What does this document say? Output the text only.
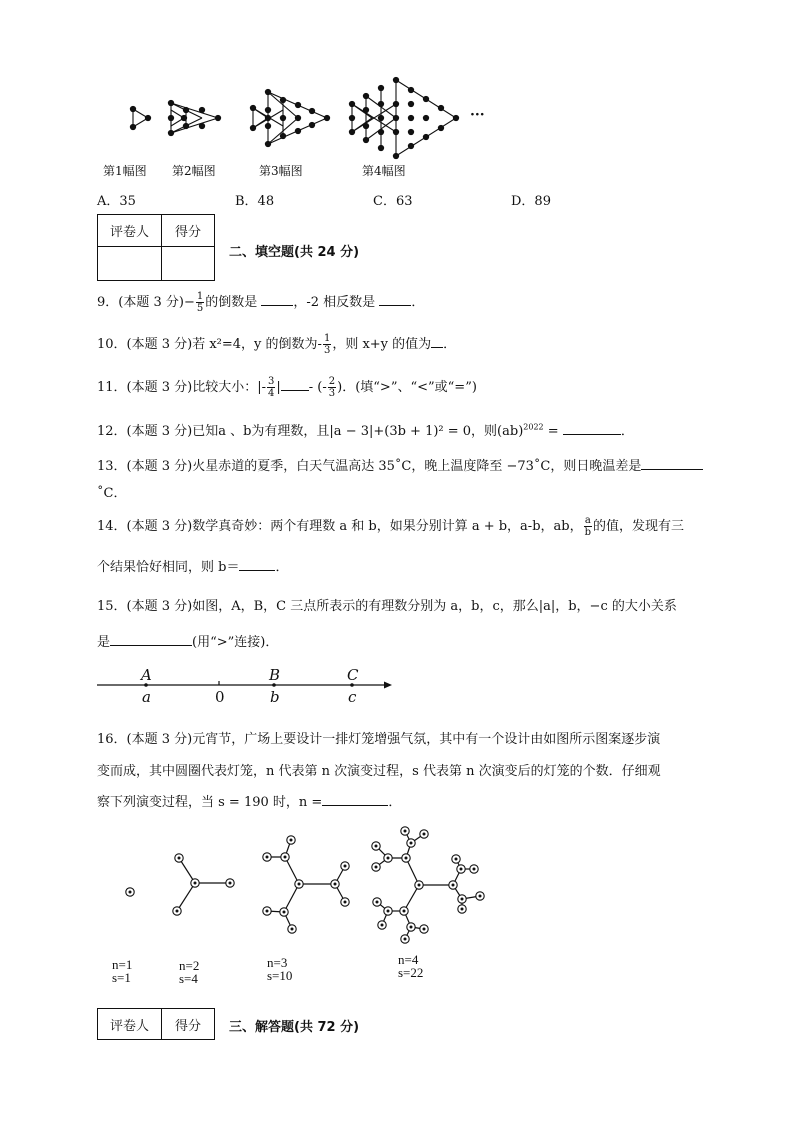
···
第1幅图 第2幅图	第3幅图	第4幅图
A．35	B．48	C．63	D．89
评卷人	得分

二、填空题(共 24 分)
9．(本题 3 分)− $\frac{1}{5}$ 的倒数是	，-2 相反数是	．
10．(本题 3 分)若 x²=4，y 的倒数为- $\frac{1}{3}$ ，则 x+y 的值为 ．
11．(本题 3 分)比较大小：|- $\frac{3}{4}$ | - (- $\frac{2}{3}$ )．(填“>”、“<”或“=”)
12．(本题 3 分)已知a 、b为有理数，且|a − 3|+(3b + 1)² = 0，则(ab)$^{2022}$ =	．
13．(本题 3 分)火星赤道的夏季，白天气温高达 35˚C，晚上温度降至 −73˚C，则日晚温差是
˚C．
14．(本题 3 分)数学真奇妙：两个有理数 a 和 b，如果分别计算 a + b，a-b，ab， $\frac{a}{b}$ 的值，发现有三
个结果恰好相同，则 b＝	．
15．(本题 3 分)如图，A，B，C 三点所表示的有理数分别为 a，b，c，那么|a|，b，−c 的大小关系
是	(用“>”连接)．
A	B	C
a	0	b	c
16．(本题 3 分)元宵节，广场上要设计一排灯笼增强气氛，其中有一个设计由如图所示图案逐步演
变而成，其中圆圈代表灯笼，n 代表第 n 次演变过程，s 代表第 n 次演变后的灯笼的个数．仔细观
察下列演变过程，当 s = 190 时，n =	．
n=1
s=1
n=2
s=4
n=3
s=10
n=4
s=22
评卷人	得分 三、解答题(共 72 分)
